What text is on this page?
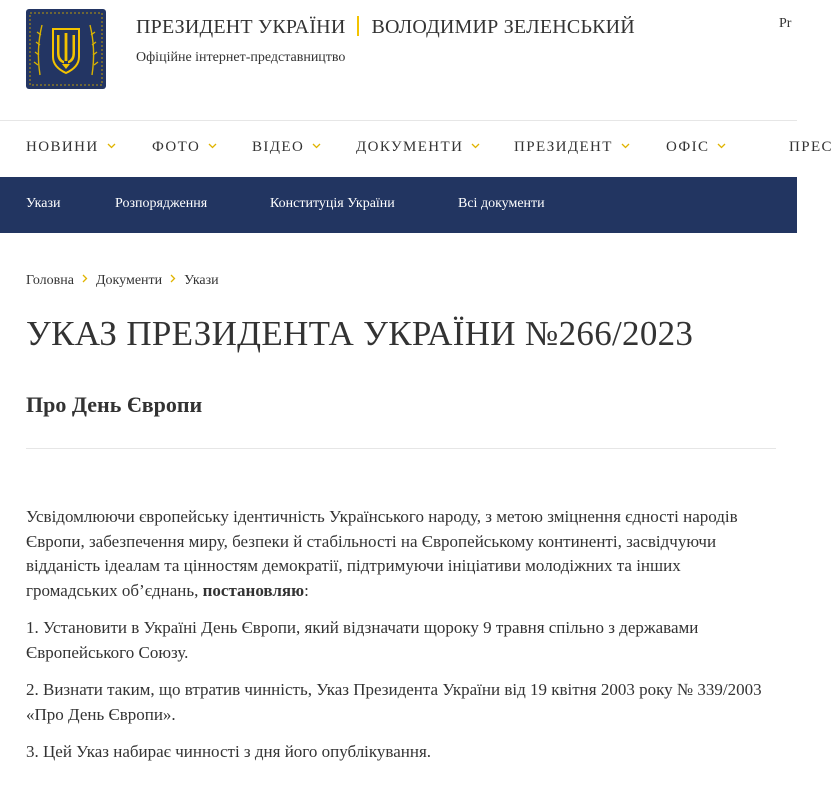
ПРЕЗИДЕНТ УКРАЇНИ ВОЛОДИМИР ЗЕЛЕНСЬКИЙ
Офіційне інтернет-представництво
Pr
НОВИНИ	ФОТО	ВІДЕО	ДОКУМЕНТИ	ПРЕЗИДЕНТ	ОФІС	ПРЕС
Укази	Розпорядження	Конституція України	Всі документи
Головна Документи Укази
УКАЗ ПРЕЗИДЕНТА УКРАЇНИ №266/2023
Про День Європи

Усвідомлюючи європейську ідентичність Українського народу, з метою зміцнення єдності народів Європи, забезпечення миру, безпеки й стабільності на Європейському континенті, засвідчуючи відданість ідеалам та цінностям демократії, підтримуючи ініціативи молодіжних та інших громадських об’єднань, постановляю:

1. Установити в Україні День Європи, який відзначати щороку 9 травня спільно з державами Європейського Союзу.

2. Визнати таким, що втратив чинність, Указ Президента України від 19 квітня 2003 року № 339/2003 «Про День Європи».

3. Цей Указ набирає чинності з дня його опублікування.
